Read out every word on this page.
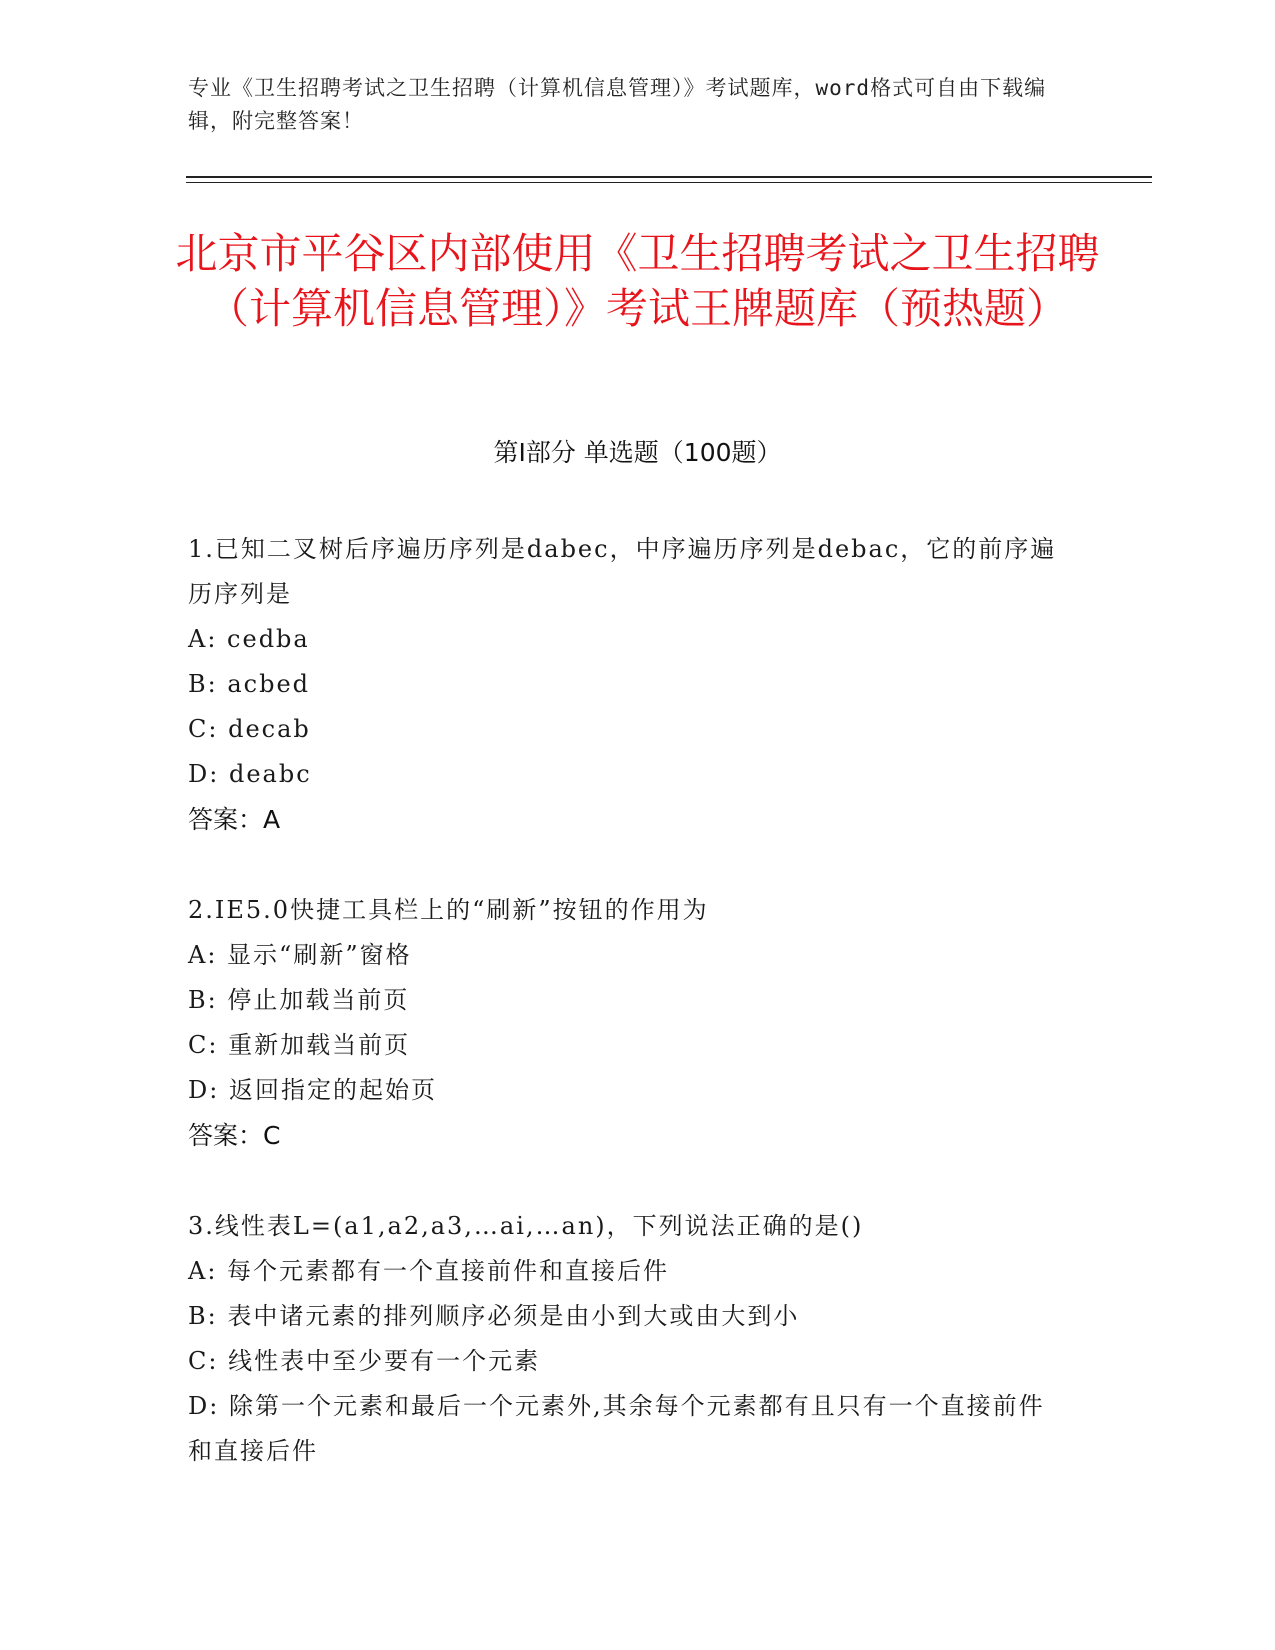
专业《卫生招聘考试之卫生招聘（计算机信息管理）》考试题库，word格式可自由下载编辑，附完整答案！
北京市平谷区内部使用《卫生招聘考试之卫生招聘（计算机信息管理）》考试王牌题库（预热题）
第Ⅰ部分 单选题（100题）
1.已知二叉树后序遍历序列是dabec，中序遍历序列是debac，它的前序遍历序列是
A: cedba
B: acbed
C: decab
D: deabc
答案：A
2.IE5.0快捷工具栏上的“刷新”按钮的作用为
A: 显示“刷新”窗格
B: 停止加载当前页
C: 重新加载当前页
D: 返回指定的起始页
答案：C
3.线性表L=(a1,a2,a3,…ai,…an)，下列说法正确的是()
A: 每个元素都有一个直接前件和直接后件
B: 表中诸元素的排列顺序必须是由小到大或由大到小
C: 线性表中至少要有一个元素
D: 除第一个元素和最后一个元素外,其余每个元素都有且只有一个直接前件和直接后件
